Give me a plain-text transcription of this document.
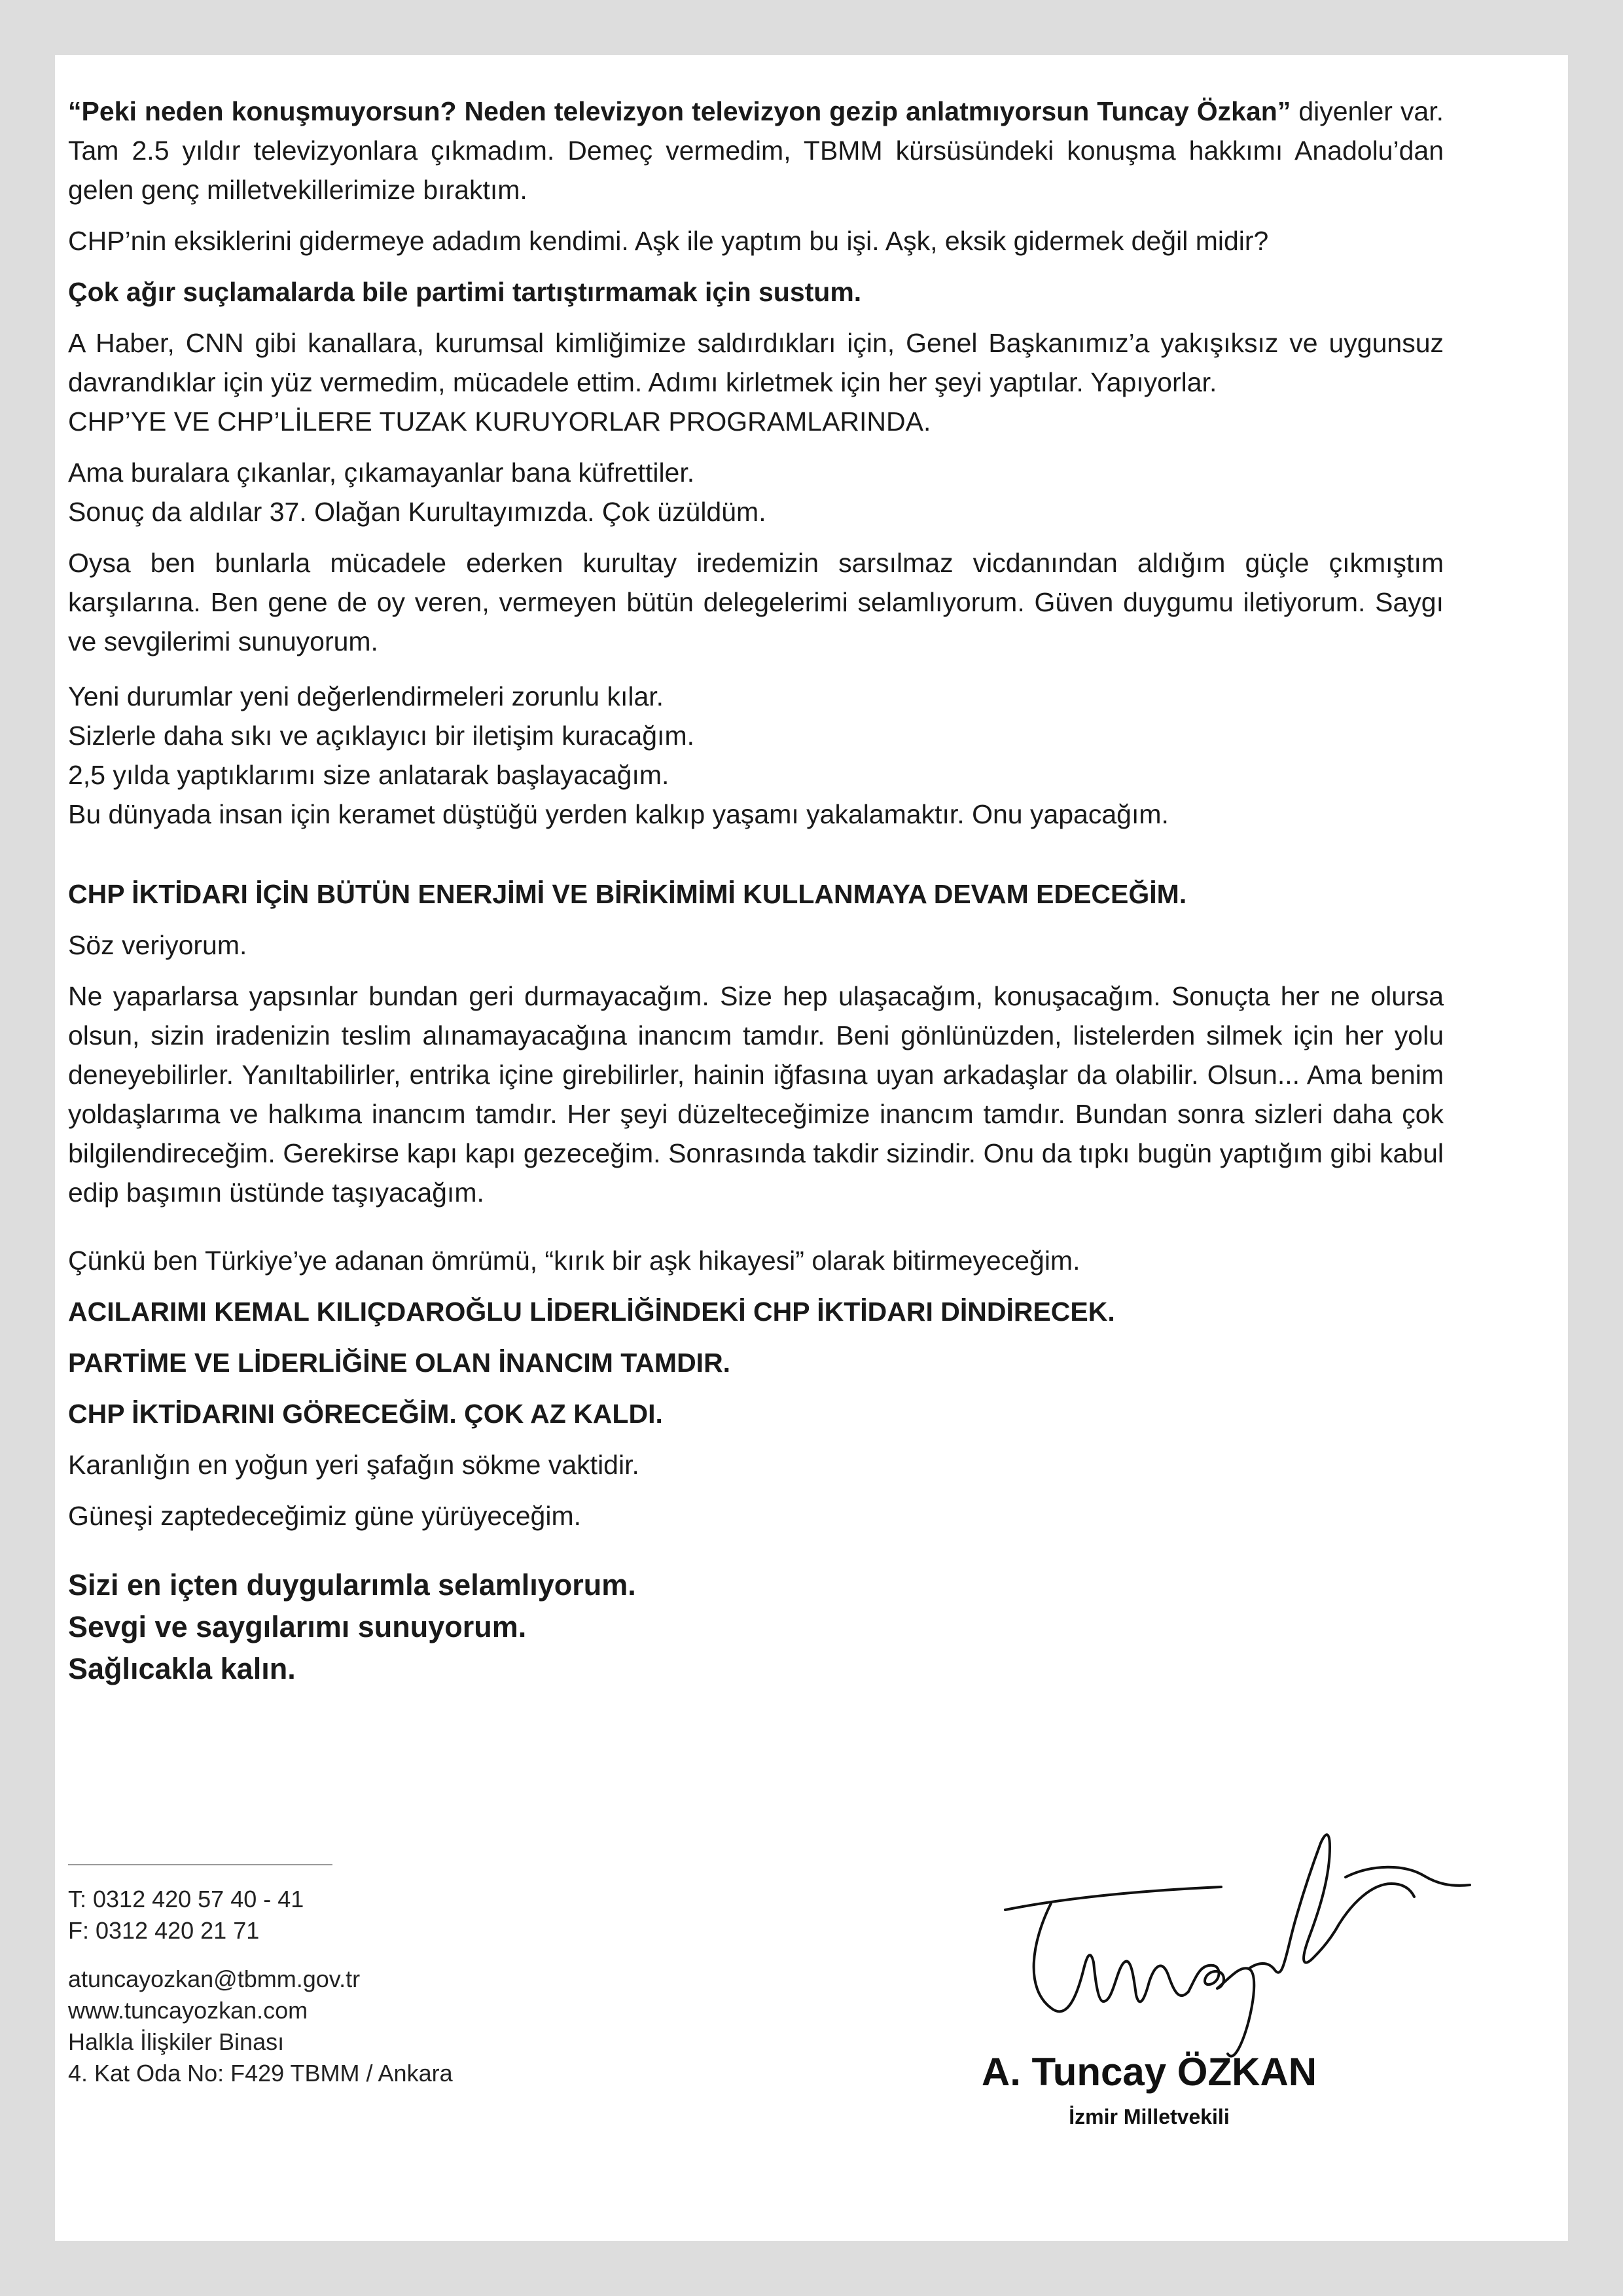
“Peki neden konuşmuyorsun? Neden televizyon televizyon gezip anlatmıyorsun Tuncay Özkan” diyenler var. Tam 2.5 yıldır televizyonlara çıkmadım. Demeç vermedim, TBMM kürsüsündeki konuşma hakkımı Anadolu’dan gelen genç milletvekillerimize bıraktım.

CHP’nin eksiklerini gidermeye adadım kendimi. Aşk ile yaptım bu işi. Aşk, eksik gidermek değil midir?

Çok ağır suçlamalarda bile partimi tartıştırmamak için sustum.

A Haber, CNN gibi kanallara, kurumsal kimliğimize saldırdıkları için, Genel Başkanımız’a yakışıksız ve uygunsuz davrandıklar için yüz vermedim, mücadele ettim. Adımı kirletmek için her şeyi yaptılar. Yapıyorlar.
CHP’YE VE CHP’LİLERE TUZAK KURUYORLAR PROGRAMLARINDA.

Ama buralara çıkanlar, çıkamayanlar bana küfrettiler.
Sonuç da aldılar 37. Olağan Kurultayımızda. Çok üzüldüm.

Oysa ben bunlarla mücadele ederken kurultay iredemizin sarsılmaz vicdanından aldığım güçle çıkmıştım karşılarına. Ben gene de oy veren, vermeyen bütün delegelerimi selamlıyorum. Güven duygumu iletiyorum. Saygı ve sevgilerimi sunuyorum.

Yeni durumlar yeni değerlendirmeleri zorunlu kılar.
Sizlerle daha sıkı ve açıklayıcı bir iletişim kuracağım.
2,5 yılda yaptıklarımı size anlatarak başlayacağım.
Bu dünyada insan için keramet düştüğü yerden kalkıp yaşamı yakalamaktır. Onu yapacağım.

CHP İKTİDARI İÇİN BÜTÜN ENERJİMİ VE BİRİKİMİMİ KULLANMAYA DEVAM EDECEĞİM.

Söz veriyorum.

Ne yaparlarsa yapsınlar bundan geri durmayacağım. Size hep ulaşacağım, konuşacağım. Sonuçta her ne olursa olsun, sizin iradenizin teslim alınamayacağına inancım tamdır. Beni gönlünüzden, listelerden silmek için her yolu deneyebilirler. Yanıltabilirler, entrika içine girebilirler, hainin iğfasına uyan arkadaşlar da olabilir. Olsun... Ama benim yoldaşlarıma ve halkıma inancım tamdır. Her şeyi düzelteceğimize inancım tamdır. Bundan sonra sizleri daha çok bilgilendireceğim. Gerekirse kapı kapı gezeceğim. Sonrasında takdir sizindir. Onu da tıpkı bugün yaptığım gibi kabul edip başımın üstünde taşıyacağım.

Çünkü ben Türkiye’ye adanan ömrümü, “kırık bir aşk hikayesi” olarak bitirmeyeceğim.

ACILARIMI KEMAL KILIÇDAROĞLU LİDERLİĞİNDEKİ CHP İKTİDARI DİNDİRECEK.

PARTİME VE LİDERLİĞİNE OLAN İNANCIM TAMDIR.

CHP İKTİDARINI GÖRECEĞİM. ÇOK AZ KALDI.

Karanlığın en yoğun yeri şafağın sökme vaktidir.

Güneşi zaptedeceğimiz güne yürüyeceğim.

Sizi en içten duygularımla selamlıyorum.
Sevgi ve saygılarımı sunuyorum.
Sağlıcakla kalın.

T: 0312 420 57 40 - 41
F: 0312 420 21 71
atuncayozkan@tbmm.gov.tr
www.tuncayozkan.com
Halkla İlişkiler Binası
4. Kat Oda No: F429 TBMM / Ankara	A. Tuncay ÖZKAN
İzmir Milletvekili
